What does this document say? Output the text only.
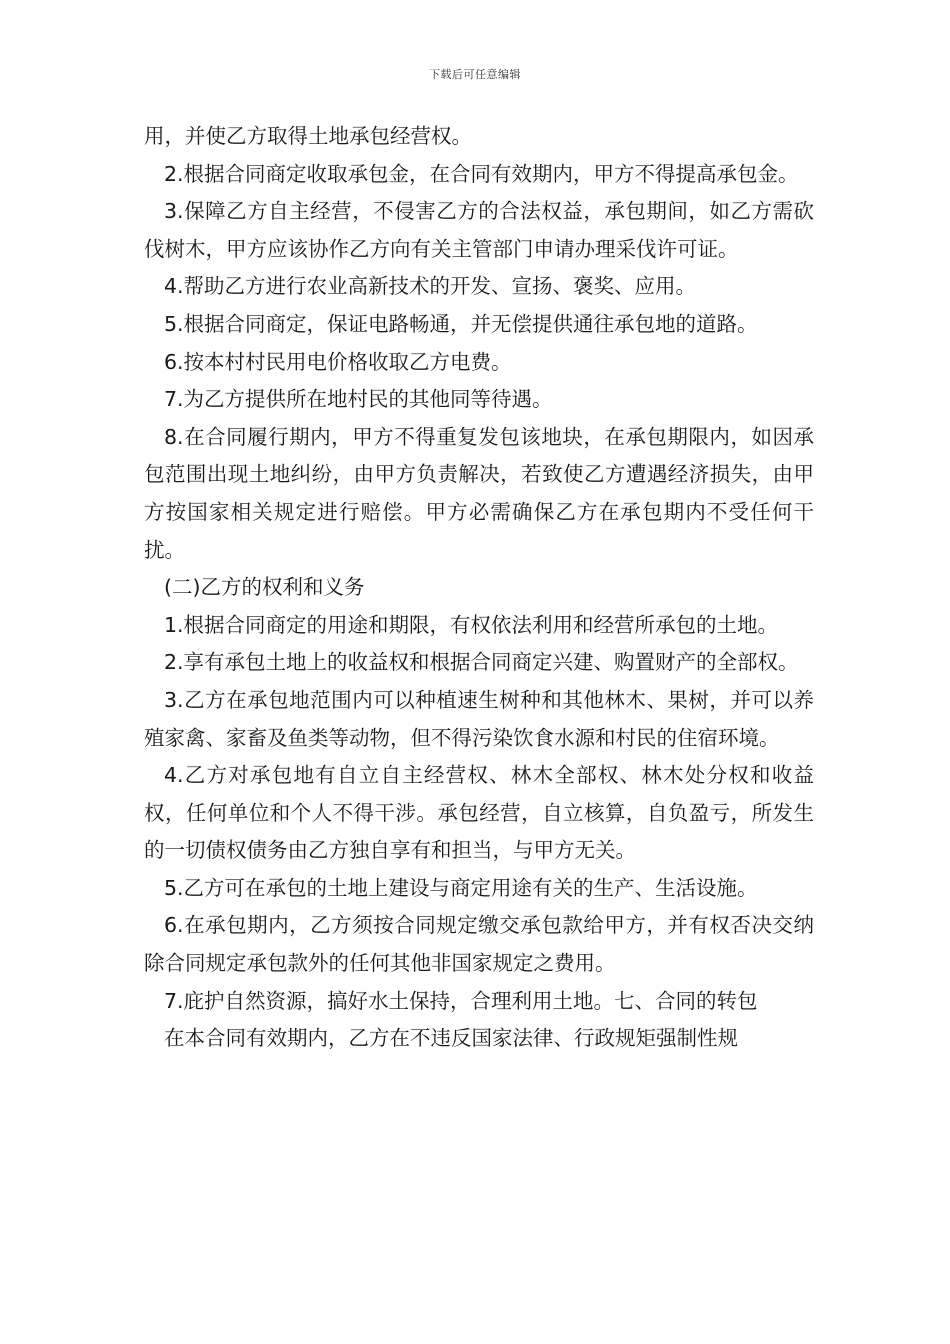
下载后可任意编辑

用，并使乙方取得土地承包经营权。

2.根据合同商定收取承包金，在合同有效期内，甲方不得提高承包金。

3.保障乙方自主经营，不侵害乙方的合法权益，承包期间，如乙方需砍伐树木，甲方应该协作乙方向有关主管部门申请办理采伐许可证。

4.帮助乙方进行农业高新技术的开发、宣扬、褒奖、应用。

5.根据合同商定，保证电路畅通，并无偿提供通往承包地的道路。

6.按本村村民用电价格收取乙方电费。

7.为乙方提供所在地村民的其他同等待遇。

8.在合同履行期内，甲方不得重复发包该地块，在承包期限内，如因承包范围出现土地纠纷，由甲方负责解决，若致使乙方遭遇经济损失，由甲方按国家相关规定进行赔偿。甲方必需确保乙方在承包期内不受任何干扰。

(二)乙方的权利和义务

1.根据合同商定的用途和期限，有权依法利用和经营所承包的土地。

2.享有承包土地上的收益权和根据合同商定兴建、购置财产的全部权。

3.乙方在承包地范围内可以种植速生树种和其他林木、果树，并可以养殖家禽、家畜及鱼类等动物，但不得污染饮食水源和村民的住宿环境。

4.乙方对承包地有自立自主经营权、林木全部权、林木处分权和收益权，任何单位和个人不得干涉。承包经营，自立核算，自负盈亏，所发生的一切债权债务由乙方独自享有和担当，与甲方无关。

5.乙方可在承包的土地上建设与商定用途有关的生产、生活设施。

6.在承包期内，乙方须按合同规定缴交承包款给甲方，并有权否决交纳除合同规定承包款外的任何其他非国家规定之费用。

7.庇护自然资源，搞好水土保持，合理利用土地。七、合同的转包

在本合同有效期内，乙方在不违反国家法律、行政规矩强制性规
